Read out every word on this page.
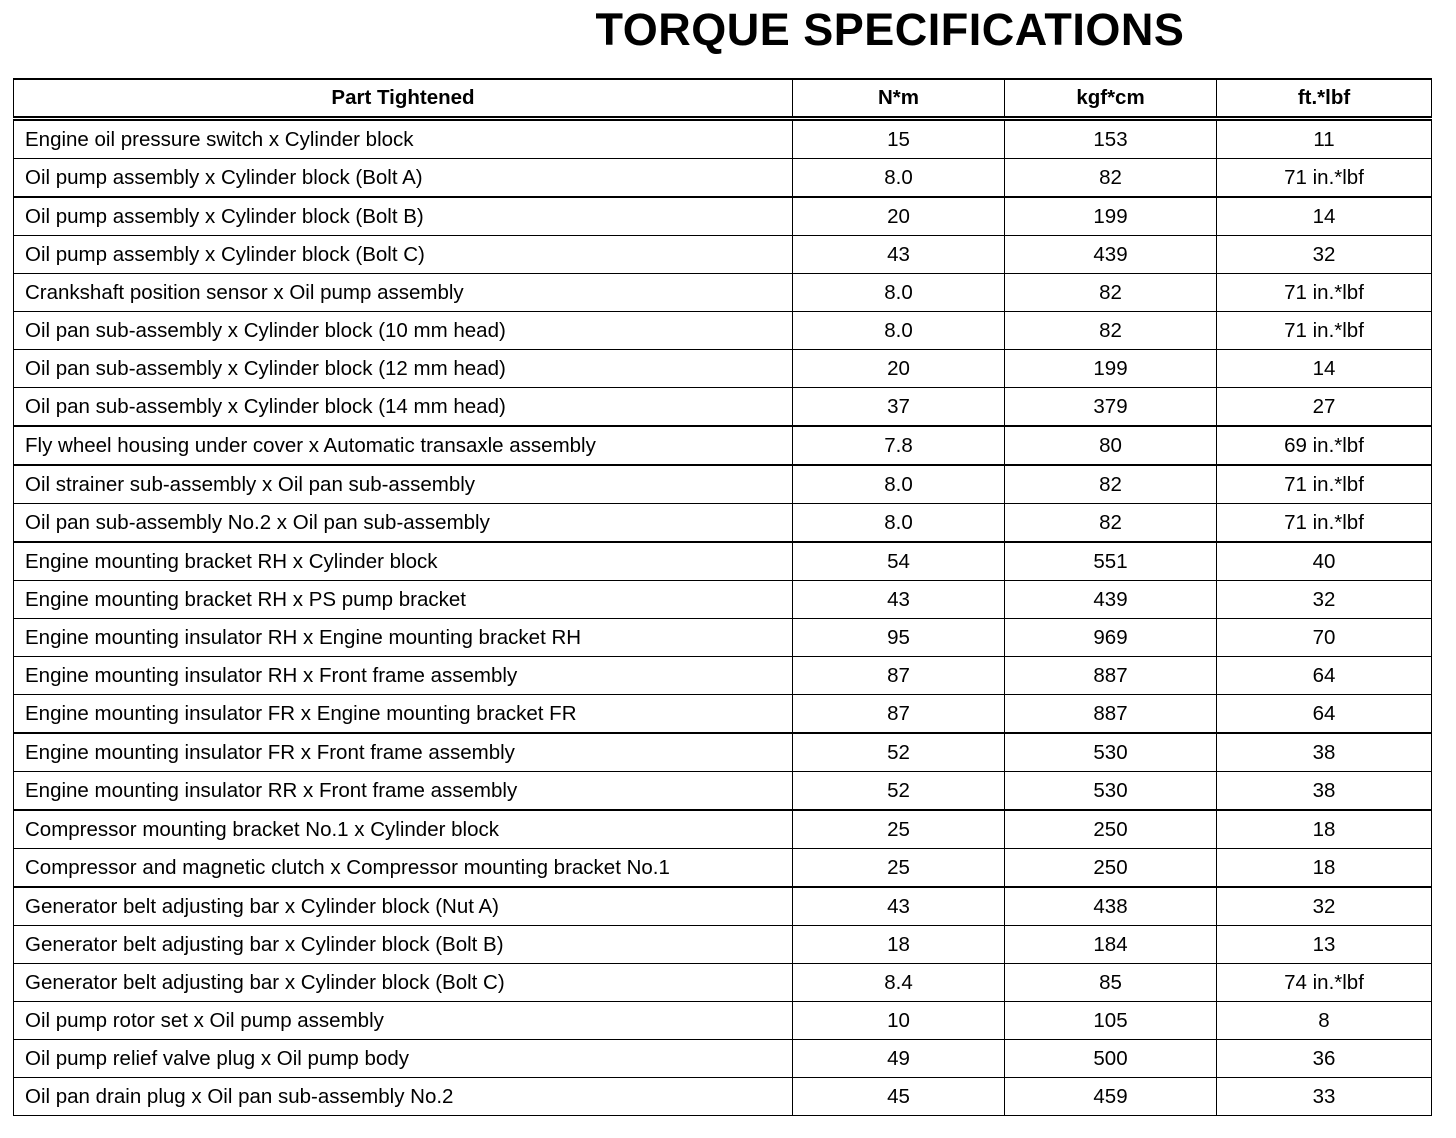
TORQUE SPECIFICATIONS
Part Tightened	N*m	kgf*cm	ft.*lbf
Engine oil pressure switch x Cylinder block	15	153	11
Oil pump assembly x Cylinder block (Bolt A)	8.0	82	71 in.*lbf
Oil pump assembly x Cylinder block (Bolt B)	20	199	14
Oil pump assembly x Cylinder block (Bolt C)	43	439	32
Crankshaft position sensor x Oil pump assembly	8.0	82	71 in.*lbf
Oil pan sub-assembly x Cylinder block (10 mm head)	8.0	82	71 in.*lbf
Oil pan sub-assembly x Cylinder block (12 mm head)	20	199	14
Oil pan sub-assembly x Cylinder block (14 mm head)	37	379	27
Fly wheel housing under cover x Automatic transaxle assembly	7.8	80	69 in.*lbf
Oil strainer sub-assembly x Oil pan sub-assembly	8.0	82	71 in.*lbf
Oil pan sub-assembly No.2 x Oil pan sub-assembly	8.0	82	71 in.*lbf
Engine mounting bracket RH x Cylinder block	54	551	40
Engine mounting bracket RH x PS pump bracket	43	439	32
Engine mounting insulator RH x Engine mounting bracket RH	95	969	70
Engine mounting insulator RH x Front frame assembly	87	887	64
Engine mounting insulator FR x Engine mounting bracket FR	87	887	64
Engine mounting insulator FR x Front frame assembly	52	530	38
Engine mounting insulator RR x Front frame assembly	52	530	38
Compressor mounting bracket No.1 x Cylinder block	25	250	18
Compressor and magnetic clutch x Compressor mounting bracket No.1	25	250	18
Generator belt adjusting bar x Cylinder block (Nut A)	43	438	32
Generator belt adjusting bar x Cylinder block (Bolt B)	18	184	13
Generator belt adjusting bar x Cylinder block (Bolt C)	8.4	85	74 in.*lbf
Oil pump rotor set x Oil pump assembly	10	105	8
Oil pump relief valve plug x Oil pump body	49	500	36
Oil pan drain plug x Oil pan sub-assembly No.2	45	459	33
